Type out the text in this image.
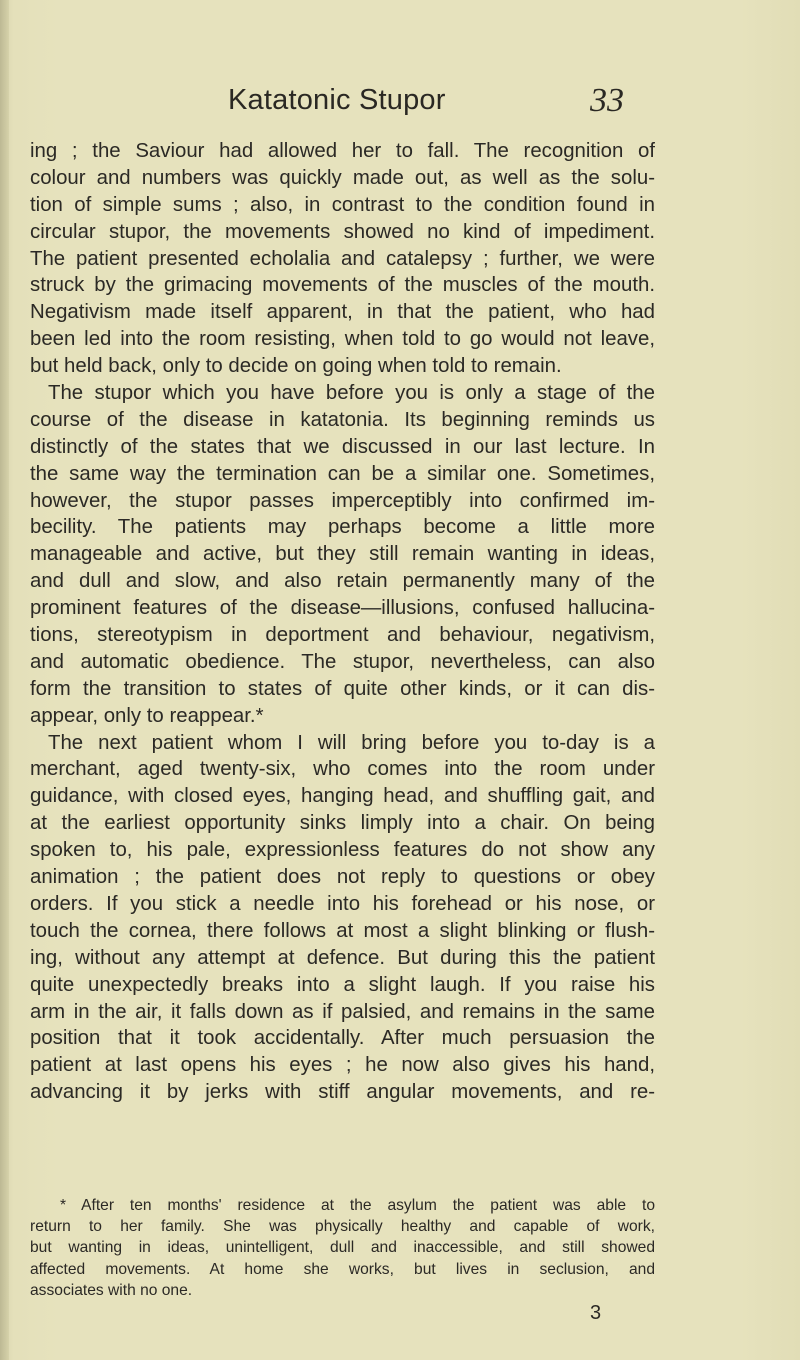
Katatonic Stupor	33
ing ; the Saviour had allowed her to fall. The recognition of
colour and numbers was quickly made out, as well as the solu-
tion of simple sums ; also, in contrast to the condition found in
circular stupor, the movements showed no kind of impediment.
The patient presented echolalia and catalepsy ; further, we were
struck by the grimacing movements of the muscles of the mouth.
Negativism made itself apparent, in that the patient, who had
been led into the room resisting, when told to go would not leave,
but held back, only to decide on going when told to remain.
The stupor which you have before you is only a stage of the
course of the disease in katatonia. Its beginning reminds us
distinctly of the states that we discussed in our last lecture. In
the same way the termination can be a similar one. Sometimes,
however, the stupor passes imperceptibly into confirmed im-
becility. The patients may perhaps become a little more
manageable and active, but they still remain wanting in ideas,
and dull and slow, and also retain permanently many of the
prominent features of the disease—illusions, confused hallucina-
tions, stereotypism in deportment and behaviour, negativism,
and automatic obedience. The stupor, nevertheless, can also
form the transition to states of quite other kinds, or it can dis-
appear, only to reappear.*
The next patient whom I will bring before you to-day is a
merchant, aged twenty-six, who comes into the room under
guidance, with closed eyes, hanging head, and shuffling gait, and
at the earliest opportunity sinks limply into a chair. On being
spoken to, his pale, expressionless features do not show any
animation ; the patient does not reply to questions or obey
orders. If you stick a needle into his forehead or his nose, or
touch the cornea, there follows at most a slight blinking or flush-
ing, without any attempt at defence. But during this the patient
quite unexpectedly breaks into a slight laugh. If you raise his
arm in the air, it falls down as if palsied, and remains in the same
position that it took accidentally. After much persuasion the
patient at last opens his eyes ; he now also gives his hand,
advancing it by jerks with stiff angular movements, and re-
* After ten months' residence at the asylum the patient was able to
return to her family. She was physically healthy and capable of work,
but wanting in ideas, unintelligent, dull and inaccessible, and still showed
affected movements. At home she works, but lives in seclusion, and
associates with no one.
3
